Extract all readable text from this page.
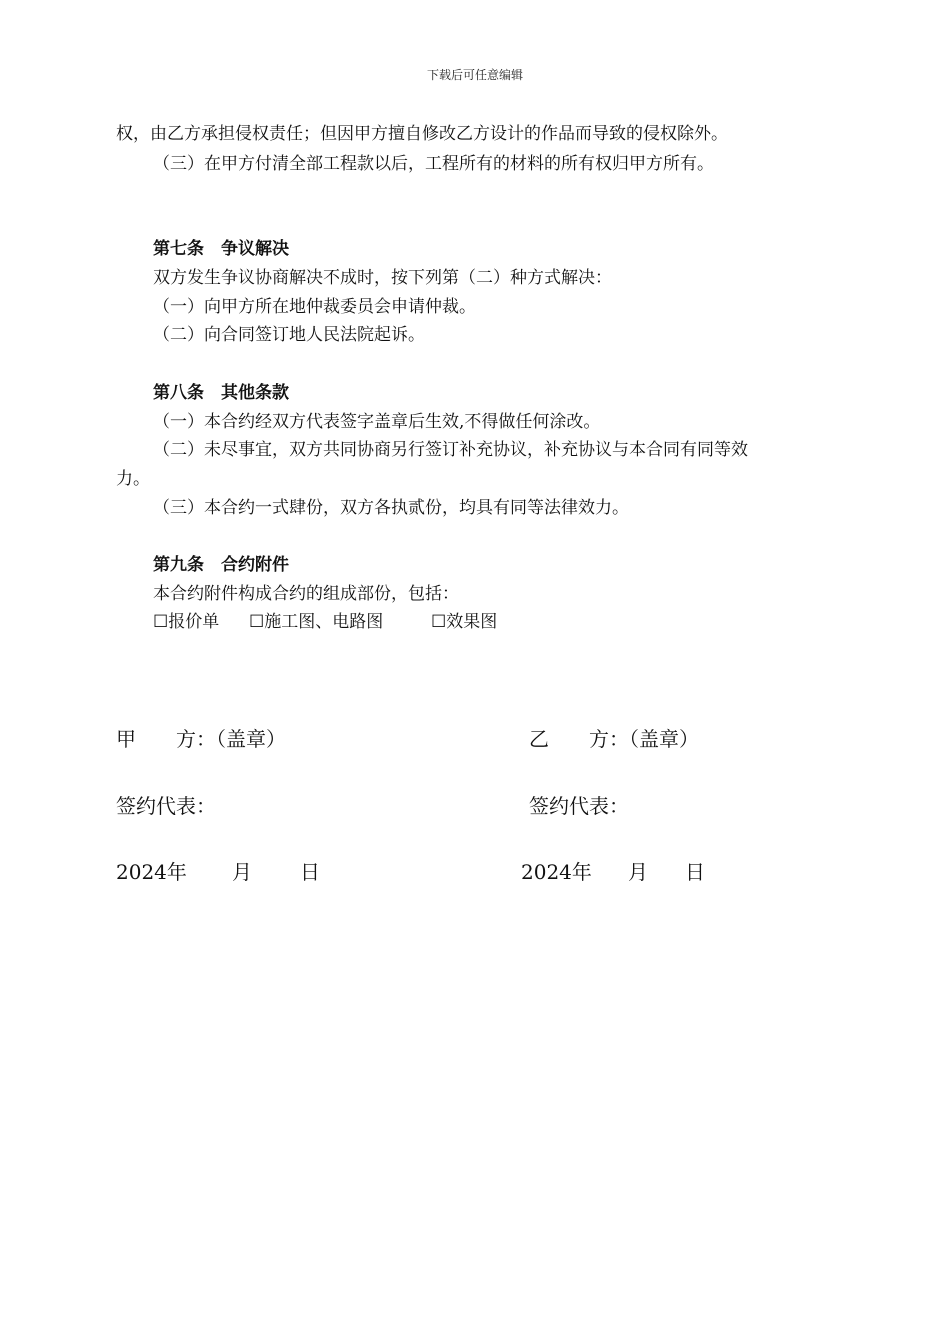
下载后可任意编辑
权，由乙方承担侵权责任；但因甲方擅自修改乙方设计的作品而导致的侵权除外。
（三）在甲方付清全部工程款以后，工程所有的材料的所有权归甲方所有。
第七条　争议解决
双方发生争议协商解决不成时，按下列第（二）种方式解决：
（一）向甲方所在地仲裁委员会申请仲裁。
（二）向合同签订地人民法院起诉。
第八条　其他条款
（一）本合约经双方代表签字盖章后生效,不得做任何涂改。
（二）未尽事宜，双方共同协商另行签订补充协议，补充协议与本合同有同等效
力。
（三）本合约一式肆份，双方各执贰份，均具有同等法律效力。
第九条　合约附件
本合约附件构成合约的组成部份，包括：
☐报价单 ☐施工图、电路图	☐效果图
甲　　方：（盖章）	乙　　方：（盖章）
签约代表：	签约代表：
2024年 月 日	2024年 月 日
